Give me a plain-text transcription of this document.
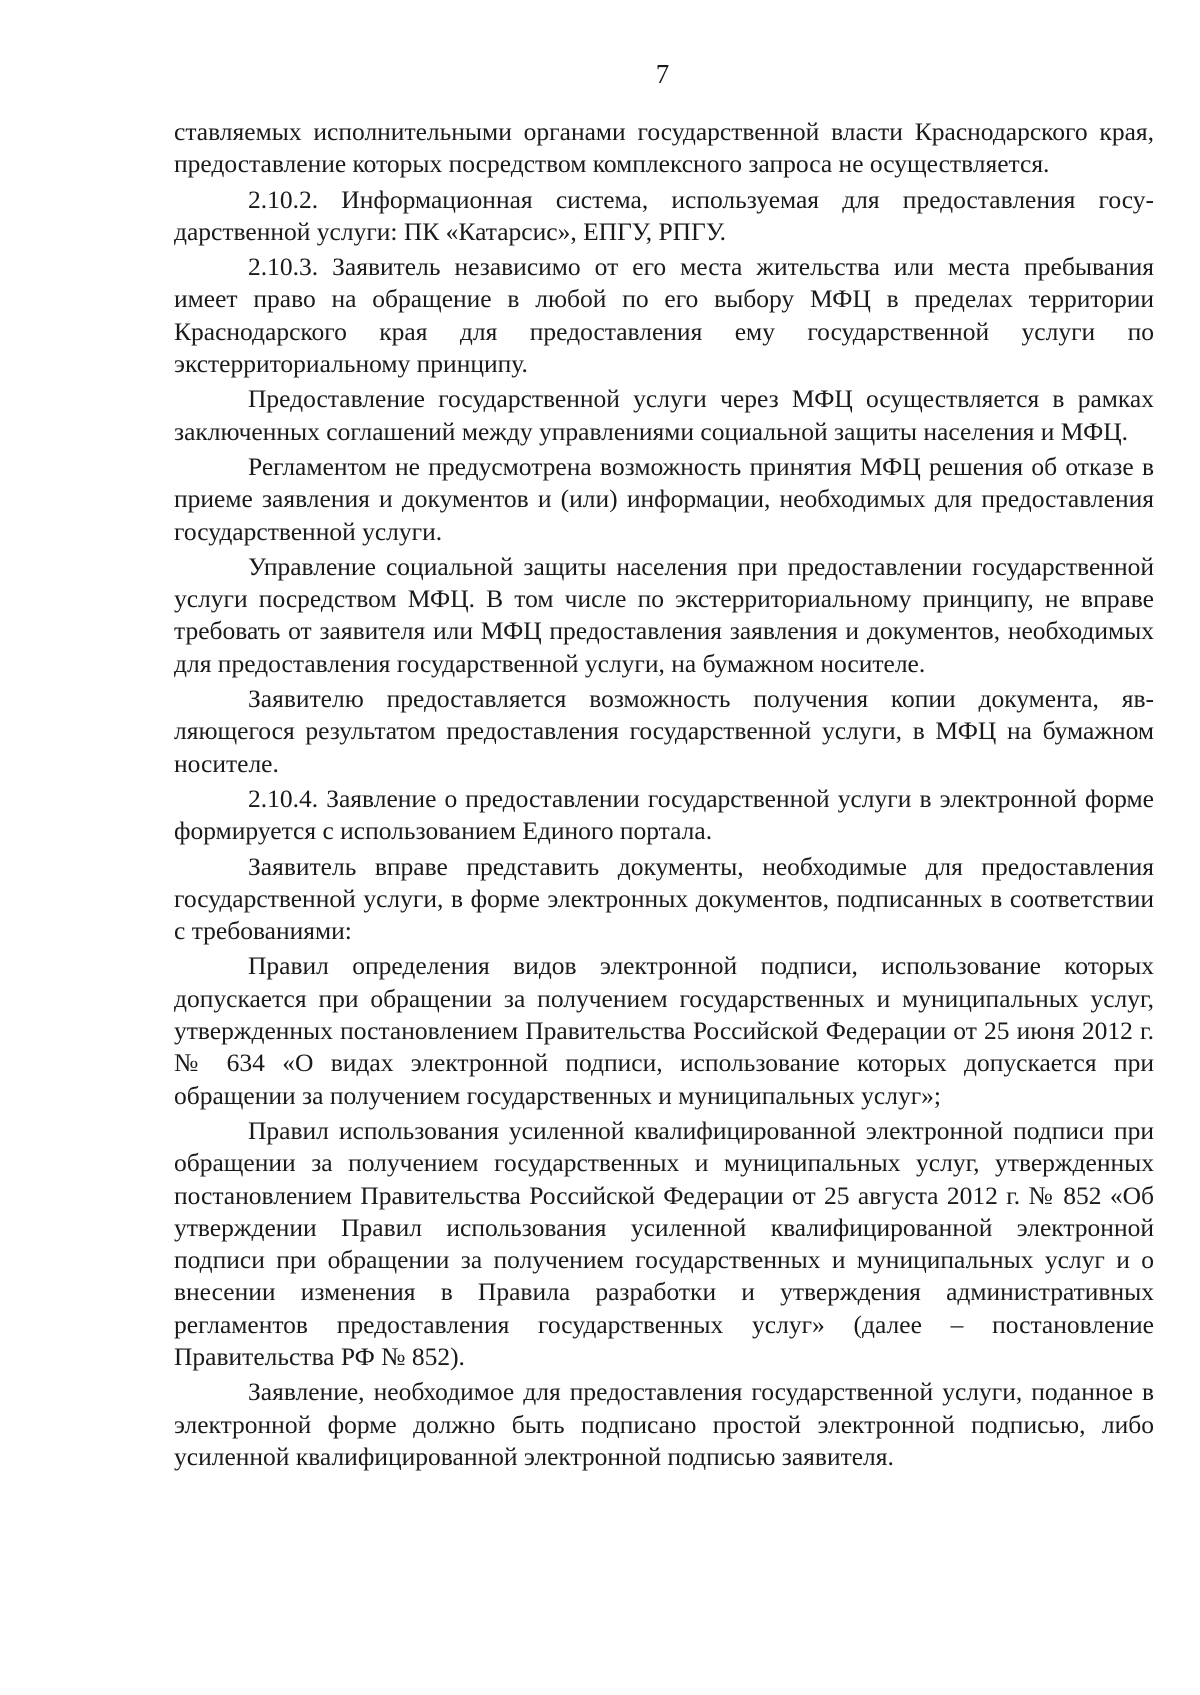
7

ставляемых исполнительными органами государственной власти Краснодарского края, предоставление которых посредством комплексного запроса не осуществляется.

2.10.2. Информационная система, используемая для предоставления государственной услуги: ПК «Катарсис», ЕПГУ, РПГУ.

2.10.3. Заявитель независимо от его места жительства или места пребывания имеет право на обращение в любой по его выбору МФЦ в пределах территории Краснодарского края для предоставления ему государственной услуги по экстерриториальному принципу.

Предоставление государственной услуги через МФЦ осуществляется в рамках заключенных соглашений между управлениями социальной защиты населения и МФЦ.

Регламентом не предусмотрена возможность принятия МФЦ решения об отказе в приеме заявления и документов и (или) информации, необходимых для предоставления государственной услуги.

Управление социальной защиты населения при предоставлении государственной услуги посредством МФЦ. В том числе по экстерриториальному принципу, не вправе требовать от заявителя или МФЦ предоставления заявления и документов, необходимых для предоставления государственной услуги, на бумажном носителе.

Заявителю предоставляется возможность получения копии документа, являющегося результатом предоставления государственной услуги, в МФЦ на бумажном носителе.

2.10.4. Заявление о предоставлении государственной услуги в электронной форме формируется с использованием Единого портала.

Заявитель вправе представить документы, необходимые для предоставления государственной услуги, в форме электронных документов, подписанных в соответствии с требованиями:

Правил определения видов электронной подписи, использование которых допускается при обращении за получением государственных и муниципальных услуг, утвержденных постановлением Правительства Российской Федерации от 25 июня 2012 г. № 634 «О видах электронной подписи, использование которых допускается при обращении за получением государственных и муниципальных услуг»;

Правил использования усиленной квалифицированной электронной подписи при обращении за получением государственных и муниципальных услуг, утвержденных постановлением Правительства Российской Федерации от 25 августа 2012 г. № 852 «Об утверждении Правил использования усиленной квалифицированной электронной подписи при обращении за получением государственных и муниципальных услуг и о внесении изменения в Правила разработки и утверждения административных регламентов предоставления государственных услуг» (далее – постановление Правительства РФ № 852).

Заявление, необходимое для предоставления государственной услуги, поданное в электронной форме должно быть подписано простой электронной подписью, либо усиленной квалифицированной электронной подписью заявителя.
